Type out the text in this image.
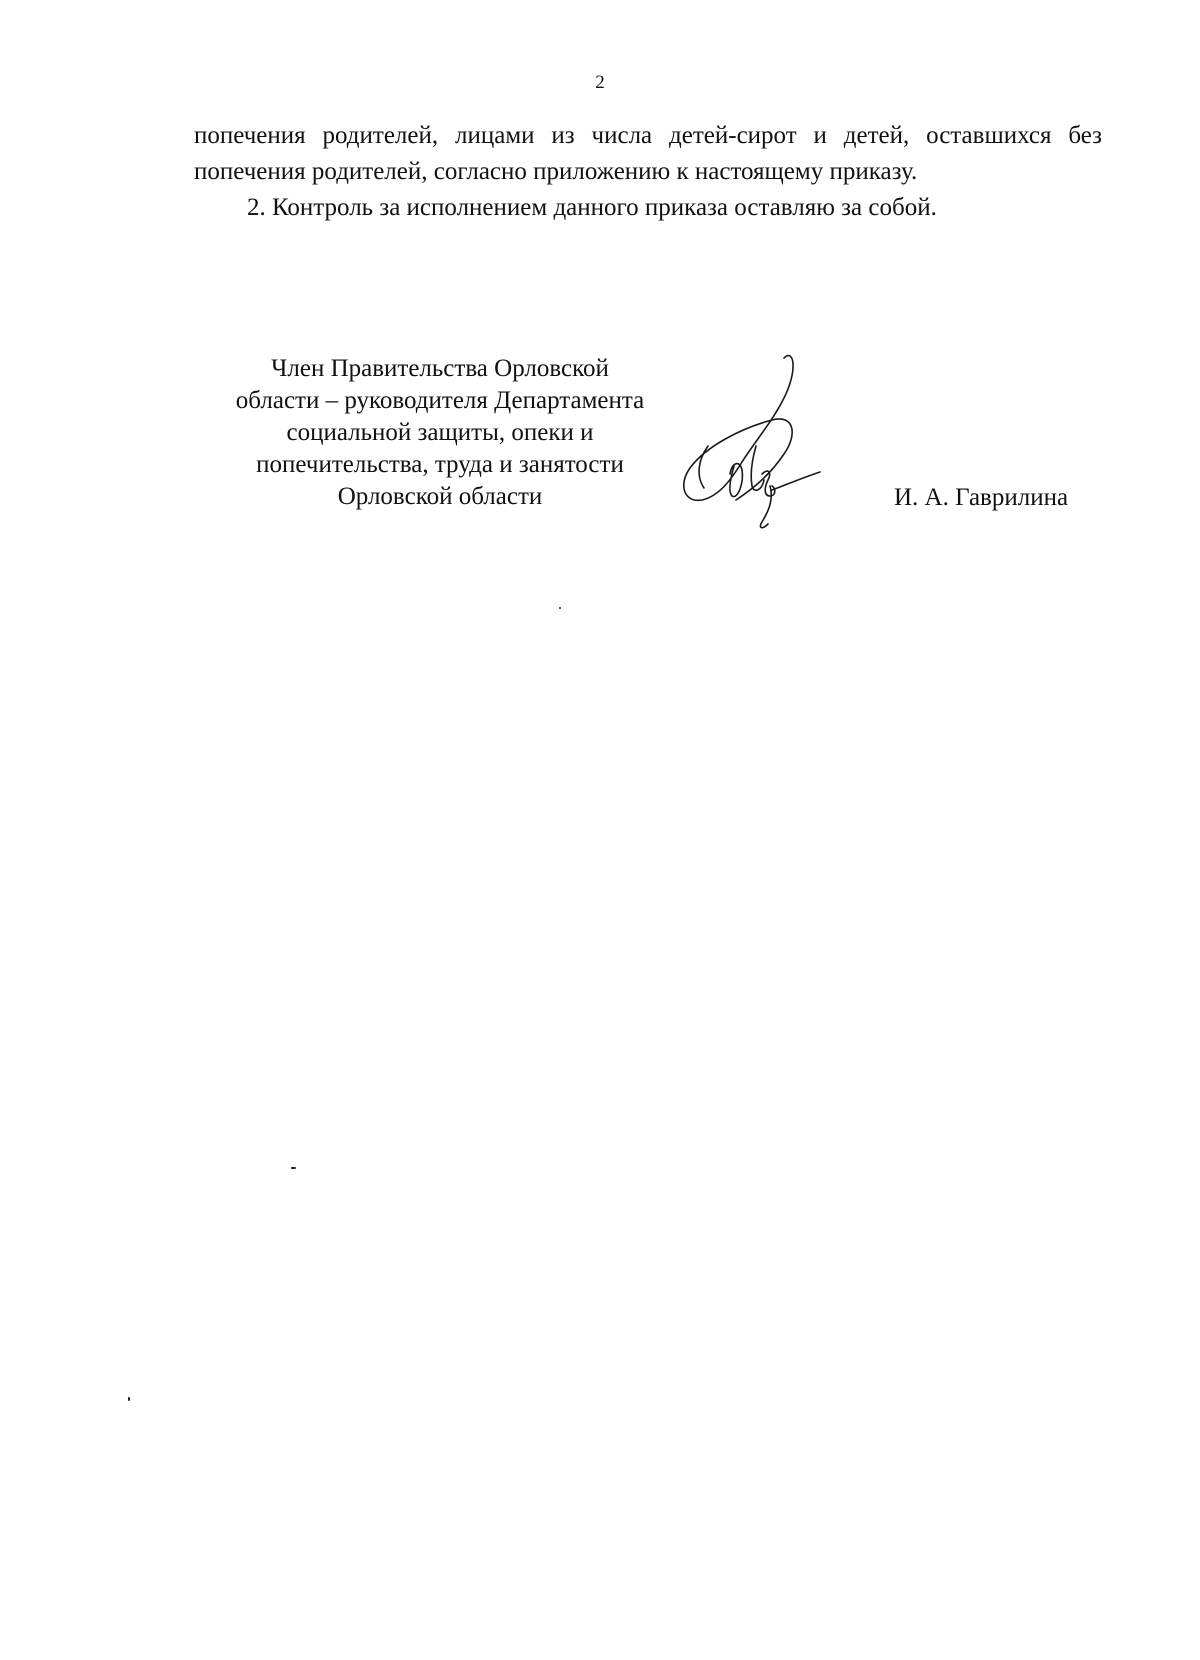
2
попечения родителей, лицами из числа детей-сирот и детей, оставшихся без
попечения родителей, согласно приложению к настоящему приказу.
2. Контроль за исполнением данного приказа оставляю за собой.
Член Правительства Орловской
области – руководителя Департамента
социальной защиты, опеки и
попечительства, труда и занятости
Орловской области	И. А. Гаврилина
